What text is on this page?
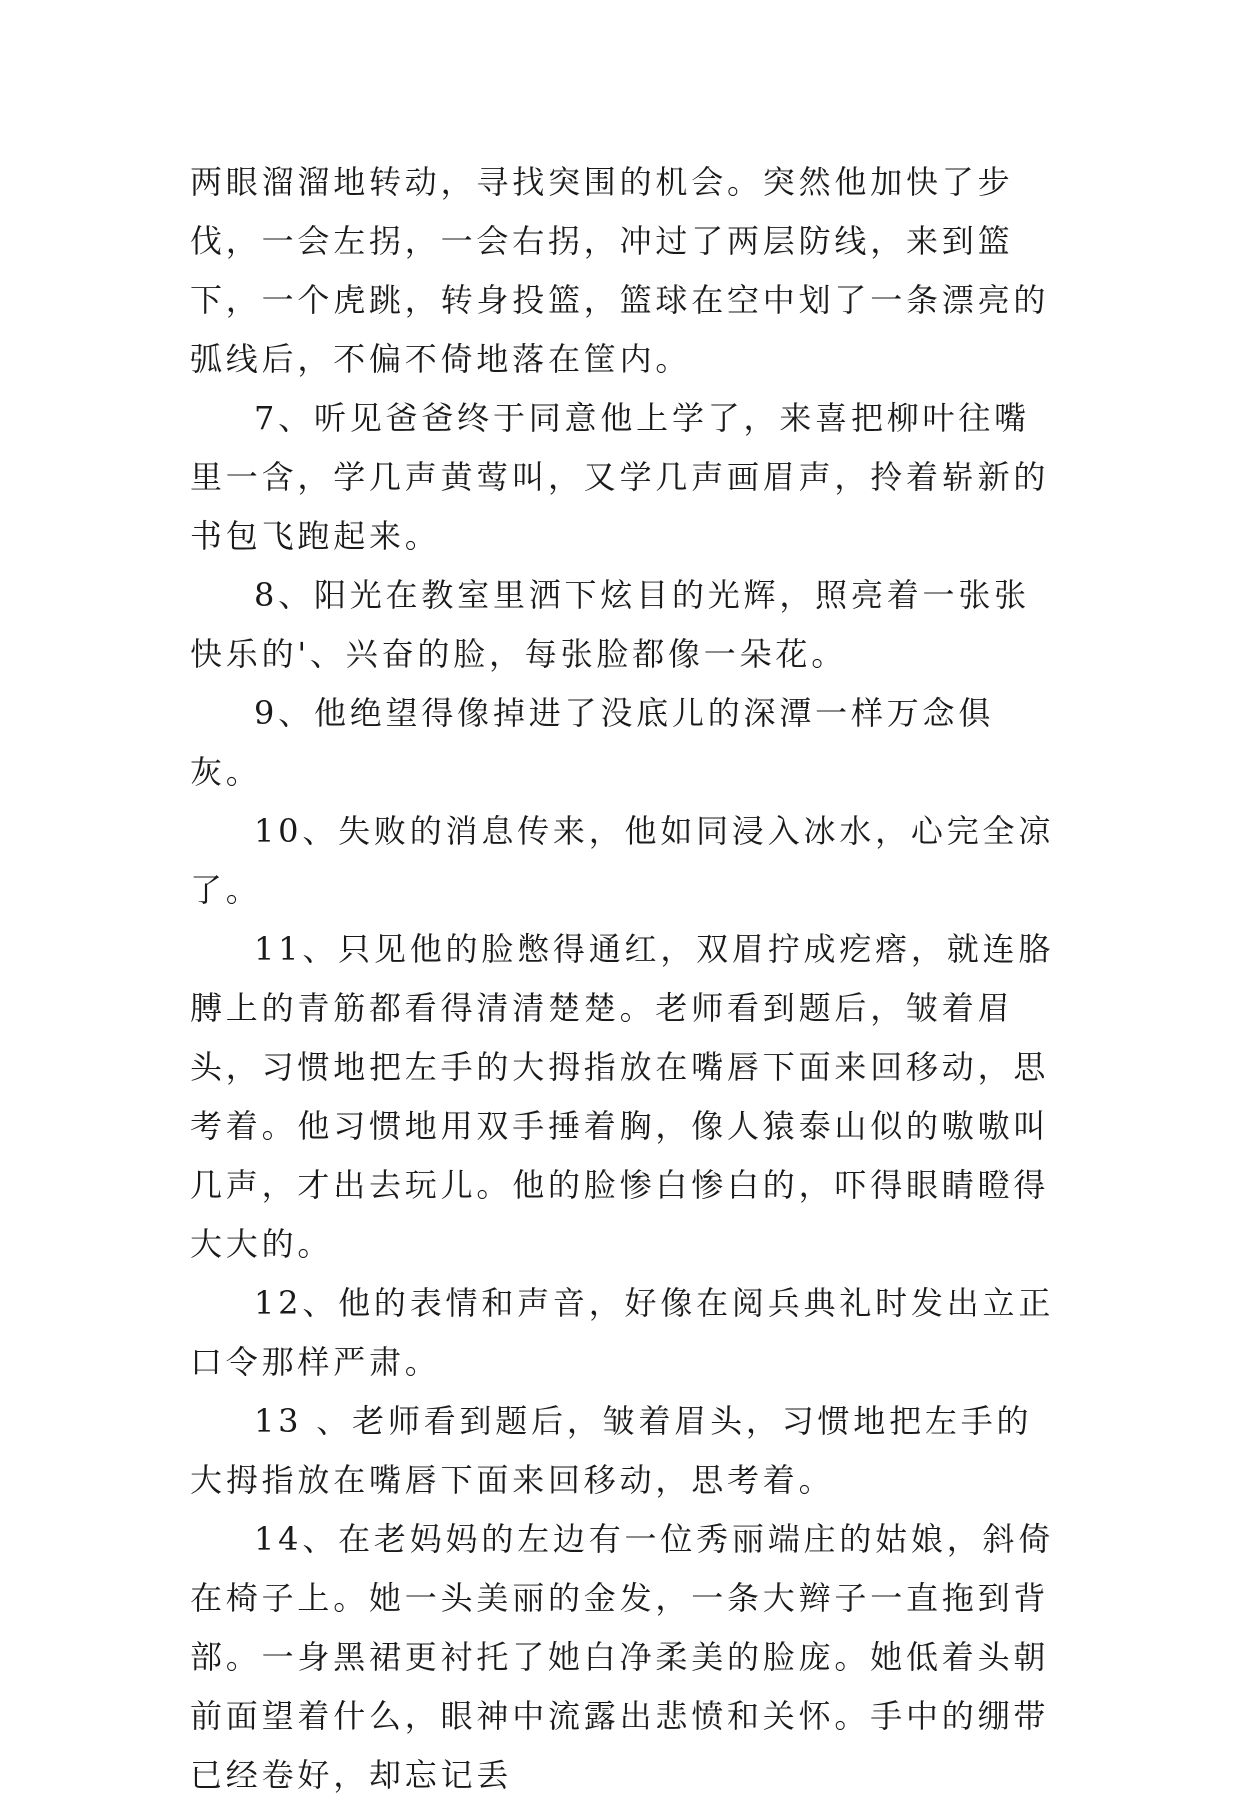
两眼溜溜地转动，寻找突围的机会。突然他加快了步伐，一会左拐，一会右拐，冲过了两层防线，来到篮下，一个虎跳，转身投篮，篮球在空中划了一条漂亮的弧线后，不偏不倚地落在筐内。

7、听见爸爸终于同意他上学了，来喜把柳叶往嘴里一含，学几声黄莺叫，又学几声画眉声，拎着崭新的书包飞跑起来。

8、阳光在教室里洒下炫目的光辉，照亮着一张张快乐的'、兴奋的脸，每张脸都像一朵花。

9、他绝望得像掉进了没底儿的深潭一样万念俱灰。

10、失败的消息传来，他如同浸入冰水，心完全凉了。

11、只见他的脸憋得通红，双眉拧成疙瘩，就连胳膊上的青筋都看得清清楚楚。老师看到题后，皱着眉头，习惯地把左手的大拇指放在嘴唇下面来回移动，思考着。他习惯地用双手捶着胸，像人猿泰山似的嗷嗷叫几声，才出去玩儿。他的脸惨白惨白的，吓得眼睛瞪得大大的。

12、他的表情和声音，好像在阅兵典礼时发出立正口令那样严肃。

13 、老师看到题后，皱着眉头，习惯地把左手的大拇指放在嘴唇下面来回移动，思考着。

14、在老妈妈的左边有一位秀丽端庄的姑娘，斜倚在椅子上。她一头美丽的金发，一条大辫子一直拖到背部。一身黑裙更衬托了她白净柔美的脸庞。她低着头朝前面望着什么，眼神中流露出悲愤和关怀。手中的绷带已经卷好，却忘记丢
